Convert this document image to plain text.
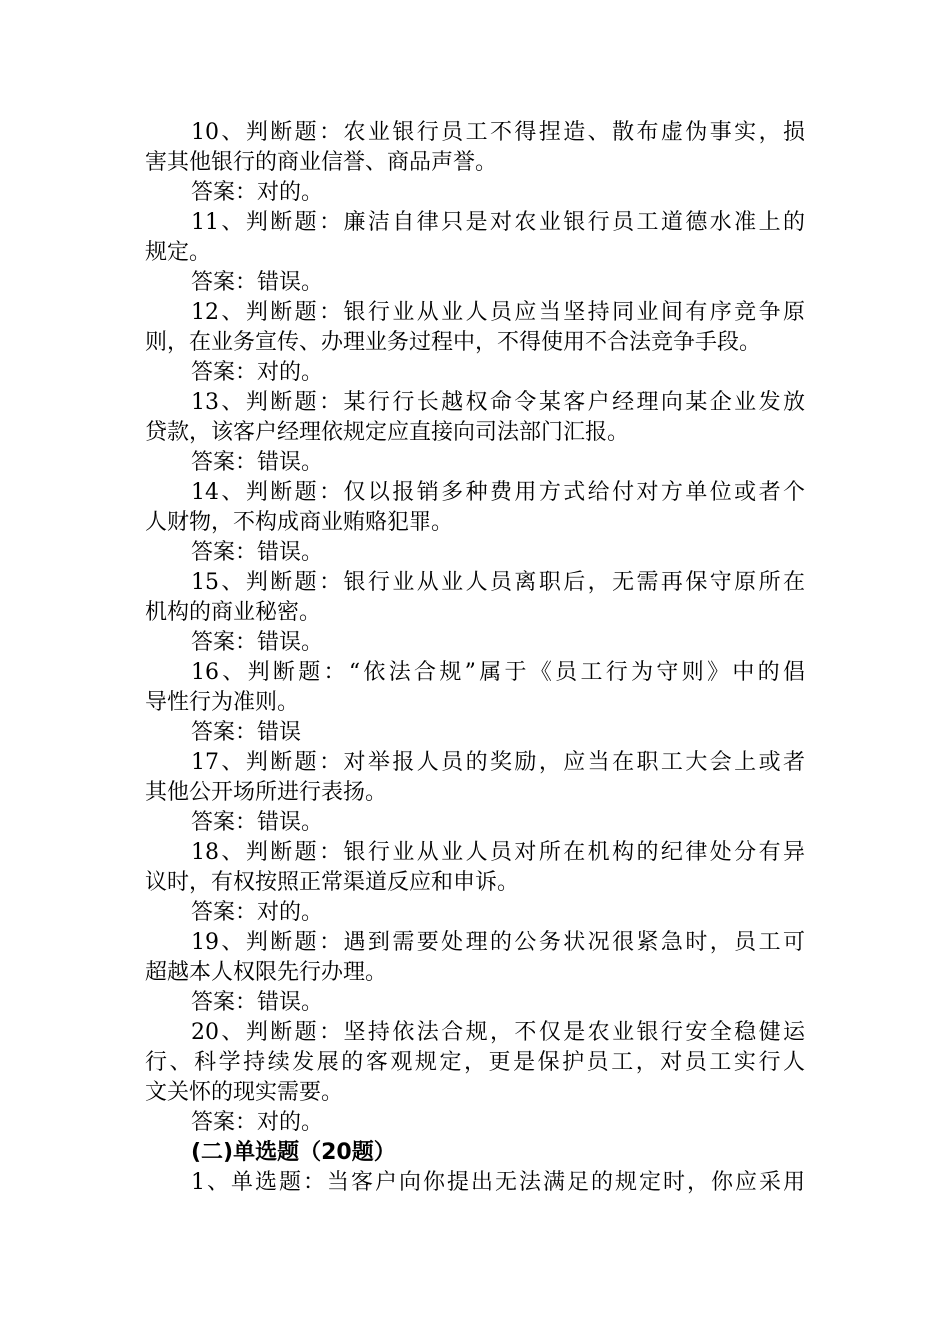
10、判断题：农业银行员工不得捏造、散布虚伪事实，损
害其他银行的商业信誉、商品声誉。
答案：对的。
11、判断题：廉洁自律只是对农业银行员工道德水准上的
规定。
答案：错误。
12、判断题：银行业从业人员应当坚持同业间有序竞争原
则，在业务宣传、办理业务过程中，不得使用不合法竞争手段。
答案：对的。
13、判断题：某行行长越权命令某客户经理向某企业发放
贷款，该客户经理依规定应直接向司法部门汇报。
答案：错误。
14、判断题：仅以报销多种费用方式给付对方单位或者个
人财物，不构成商业贿赂犯罪。
答案：错误。
15、判断题：银行业从业人员离职后，无需再保守原所在
机构的商业秘密。
答案：错误。
16、判断题：“依法合规”属于《员工行为守则》中的倡
导性行为准则。
答案：错误
17、判断题：对举报人员的奖励，应当在职工大会上或者
其他公开场所进行表扬。
答案：错误。
18、判断题：银行业从业人员对所在机构的纪律处分有异
议时，有权按照正常渠道反应和申诉。
答案：对的。
19、判断题：遇到需要处理的公务状况很紧急时，员工可
超越本人权限先行办理。
答案：错误。
20、判断题：坚持依法合规，不仅是农业银行安全稳健运
行、科学持续发展的客观规定，更是保护员工，对员工实行人
文关怀的现实需要。
答案：对的。
(二)单选题（20题）
1、单选题：当客户向你提出无法满足的规定时，你应采用
